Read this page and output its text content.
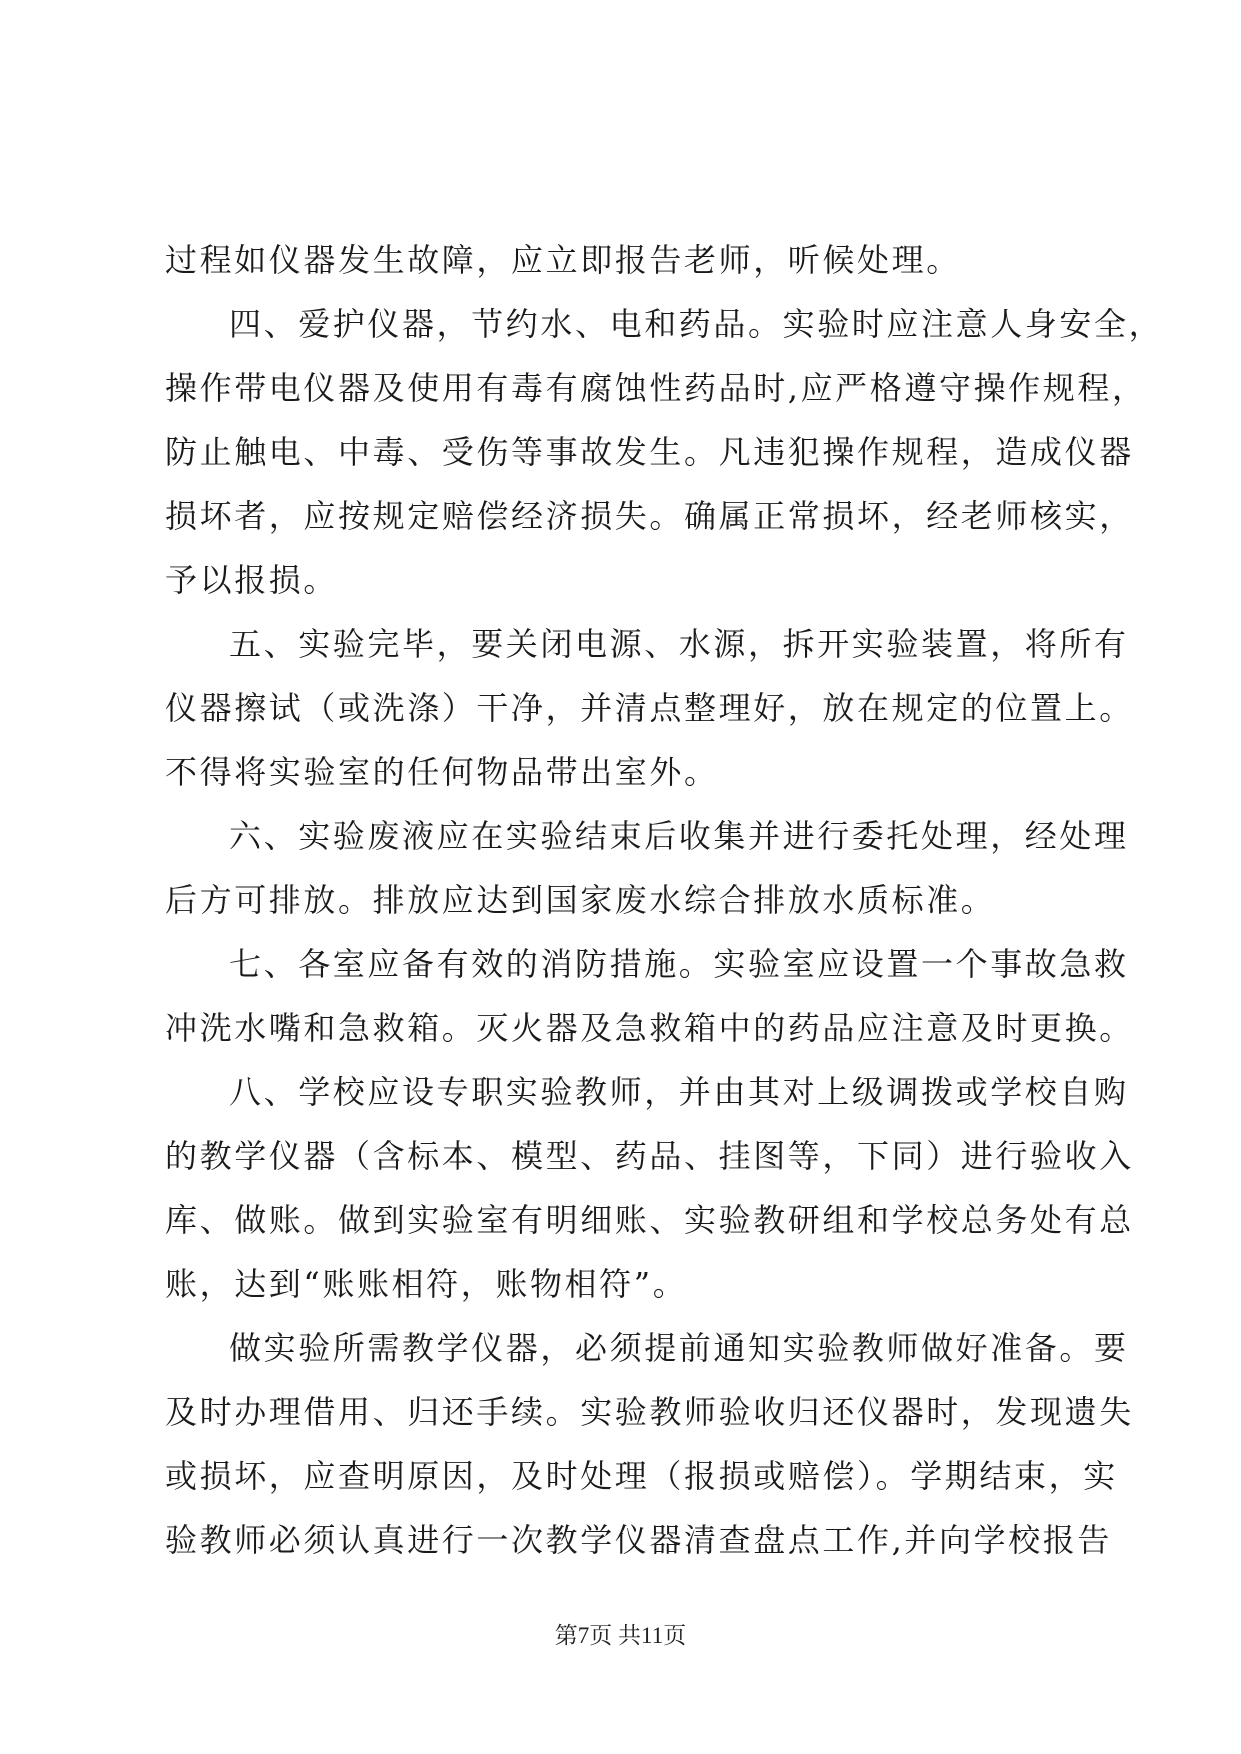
过程如仪器发生故障，应立即报告老师，听候处理。
四、爱护仪器，节约水、电和药品。实验时应注意人身安全，
操作带电仪器及使用有毒有腐蚀性药品时,应严格遵守操作规程，
防止触电、中毒、受伤等事故发生。凡违犯操作规程，造成仪器
损坏者，应按规定赔偿经济损失。确属正常损坏，经老师核实，
予以报损。
五、实验完毕，要关闭电源、水源，拆开实验装置，将所有
仪器擦试（或洗涤）干净，并清点整理好，放在规定的位置上。
不得将实验室的任何物品带出室外。
六、实验废液应在实验结束后收集并进行委托处理，经处理
后方可排放。排放应达到国家废水综合排放水质标准。
七、各室应备有效的消防措施。实验室应设置一个事故急救
冲洗水嘴和急救箱。灭火器及急救箱中的药品应注意及时更换。
八、学校应设专职实验教师，并由其对上级调拨或学校自购
的教学仪器（含标本、模型、药品、挂图等，下同）进行验收入
库、做账。做到实验室有明细账、实验教研组和学校总务处有总
账，达到“账账相符，账物相符”。
做实验所需教学仪器，必须提前通知实验教师做好准备。要
及时办理借用、归还手续。实验教师验收归还仪器时，发现遗失
或损坏，应查明原因，及时处理（报损或赔偿）。学期结束，实
验教师必须认真进行一次教学仪器清查盘点工作,并向学校报告
第7页 共11页
